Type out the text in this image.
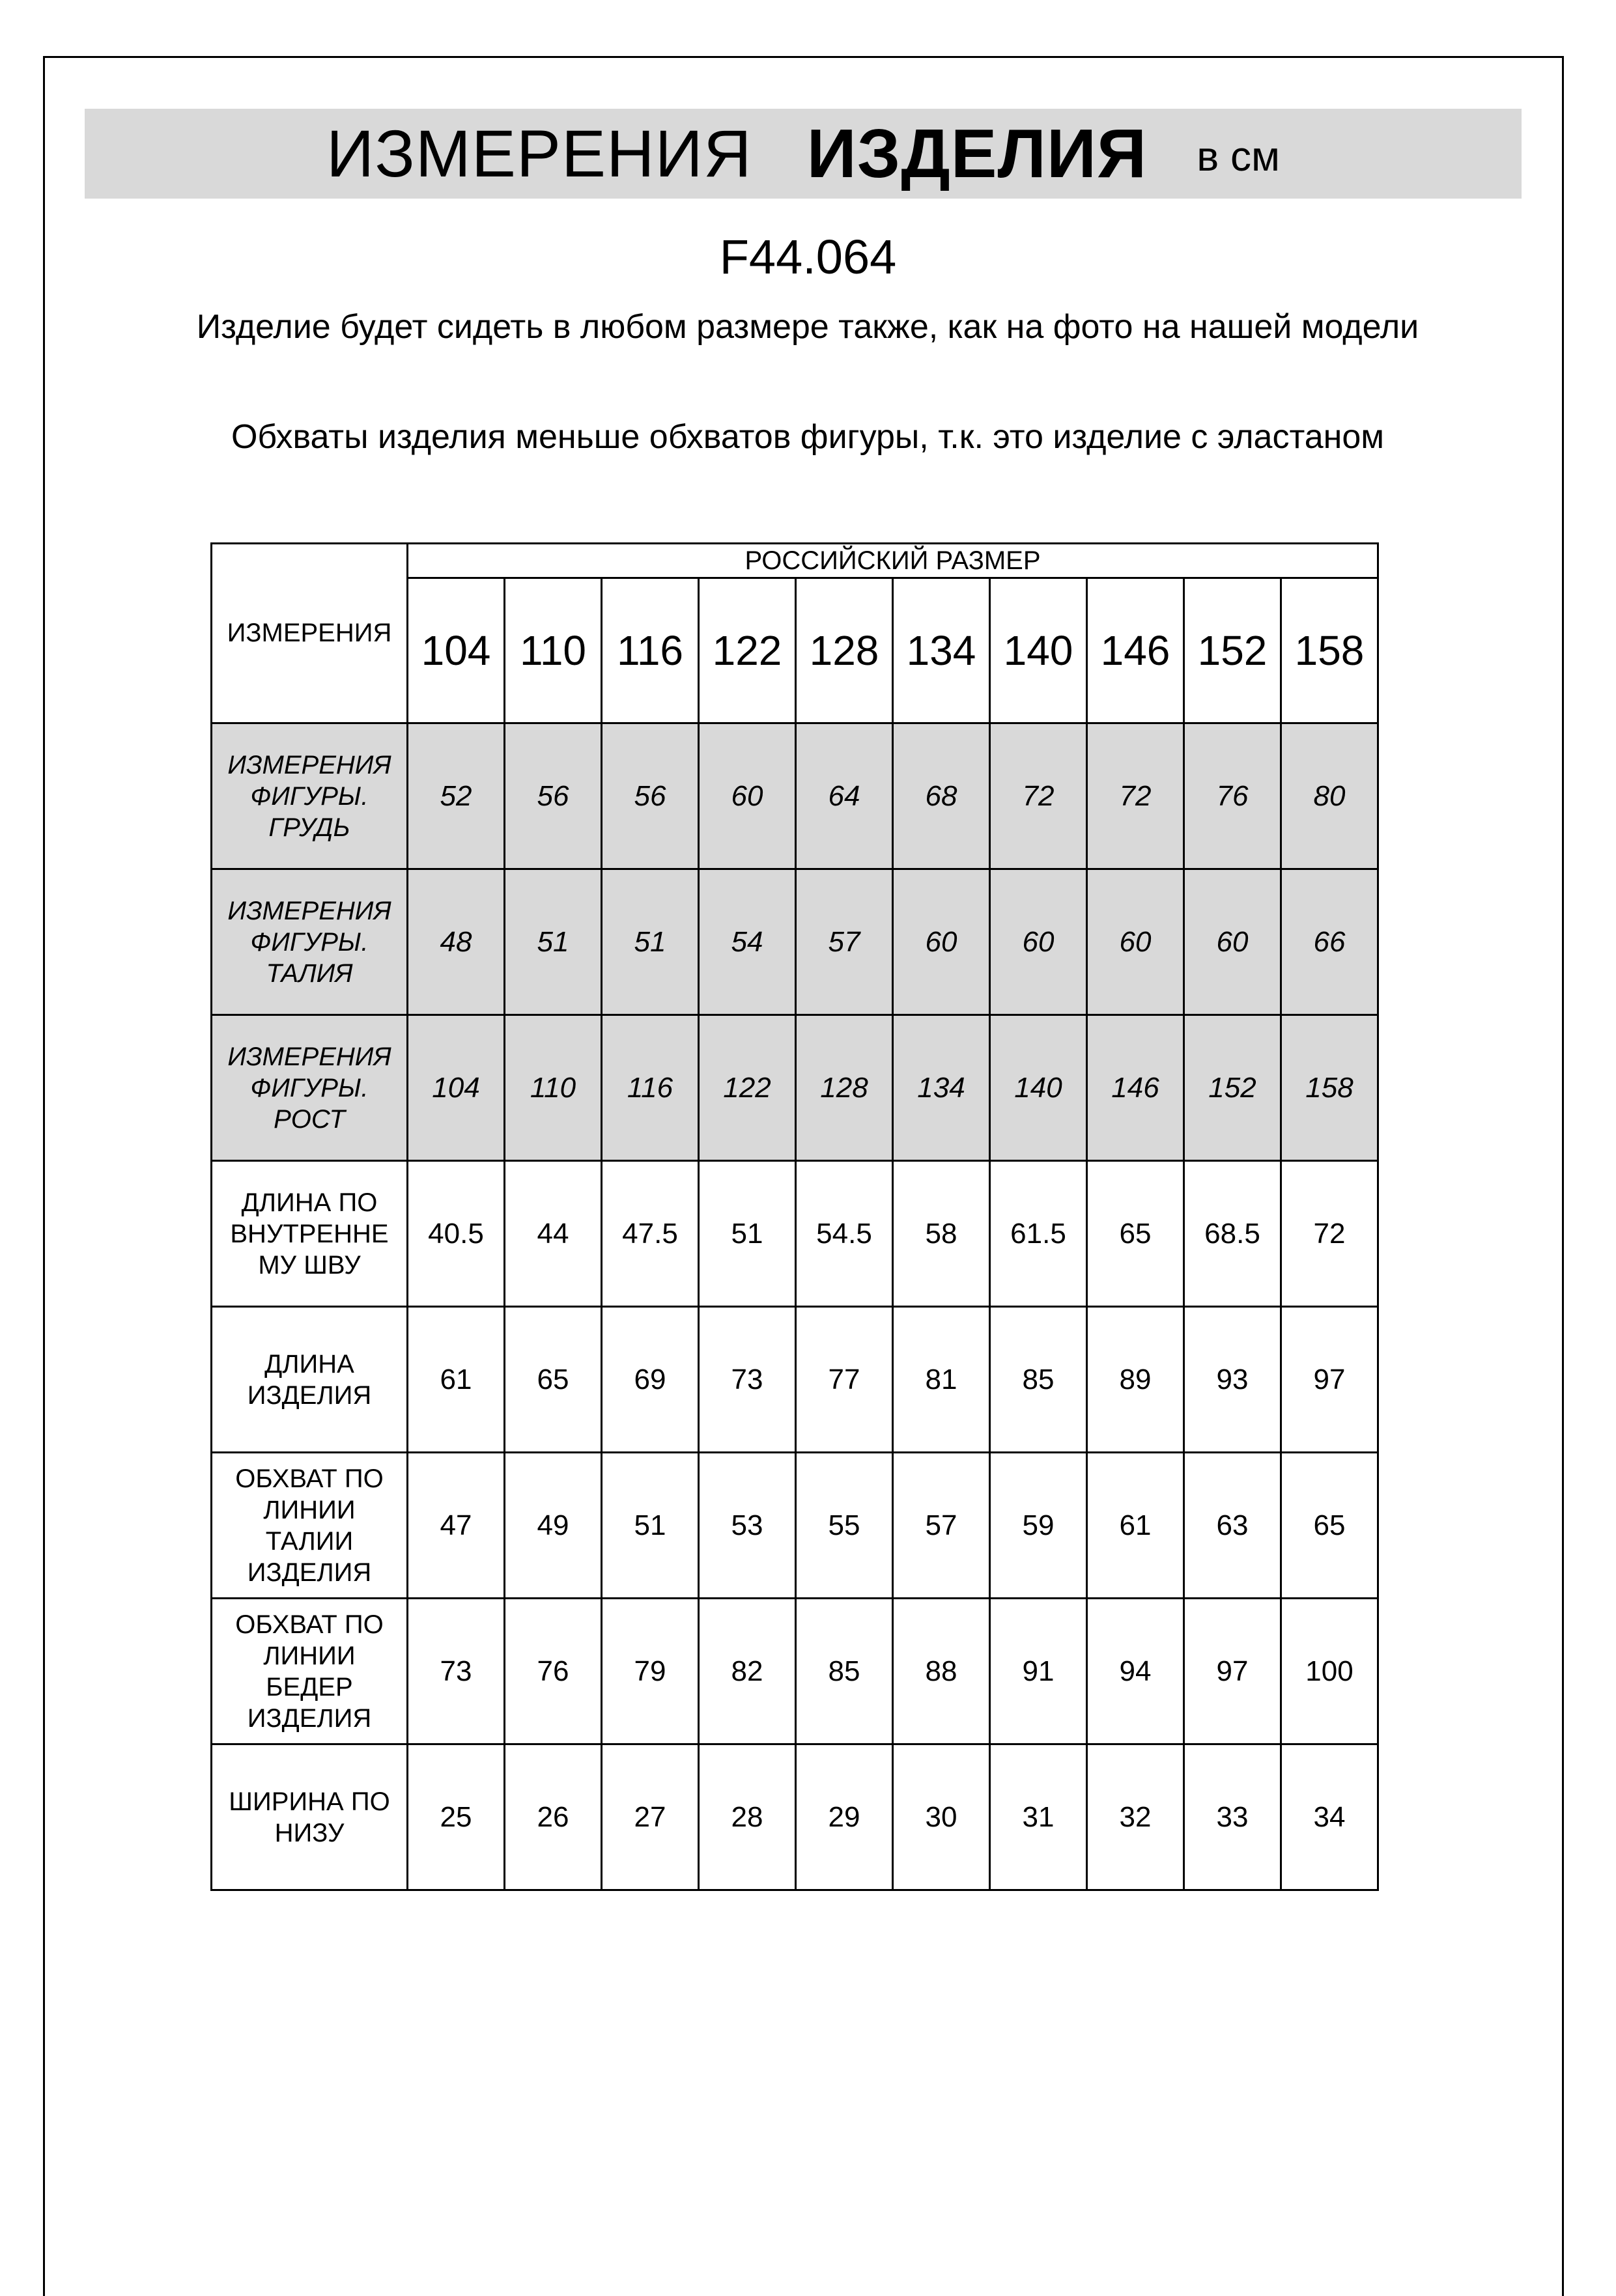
ИЗМЕРЕНИЯ ИЗДЕЛИЯ в см
F44.064
Изделие будет сидеть в любом размере также, как на фото на нашей модели
Обхваты изделия меньше обхватов фигуры, т.к. это изделие с эластаном
ИЗМЕРЕНИЯ	РОССИЙСКИЙ РАЗМЕР									
	104	110	116	122	128	134	140	146	152	158

ИЗМЕРЕНИЯ
ФИГУРЫ.
ГРУДЬ	52	56	56	60	64	68	72	72	76	80

ИЗМЕРЕНИЯ
ФИГУРЫ.
ТАЛИЯ	48	51	51	54	57	60	60	60	60	66

ИЗМЕРЕНИЯ
ФИГУРЫ.
РОСТ	104	110	116	122	128	134	140	146	152	158

ДЛИНА ПО
ВНУТРЕННЕ
МУ ШВУ	40.5	44	47.5	51	54.5	58	61.5	65	68.5	72

ДЛИНА
ИЗДЕЛИЯ	61	65	69	73	77	81	85	89	93	97

ОБХВАТ ПО
ЛИНИИ
ТАЛИИ
ИЗДЕЛИЯ	47	49	51	53	55	57	59	61	63	65

ОБХВАТ ПО
ЛИНИИ
БЕДЕР
ИЗДЕЛИЯ	73	76	79	82	85	88	91	94	97	100

ШИРИНА ПО
НИЗУ	25	26	27	28	29	30	31	32	33	34
